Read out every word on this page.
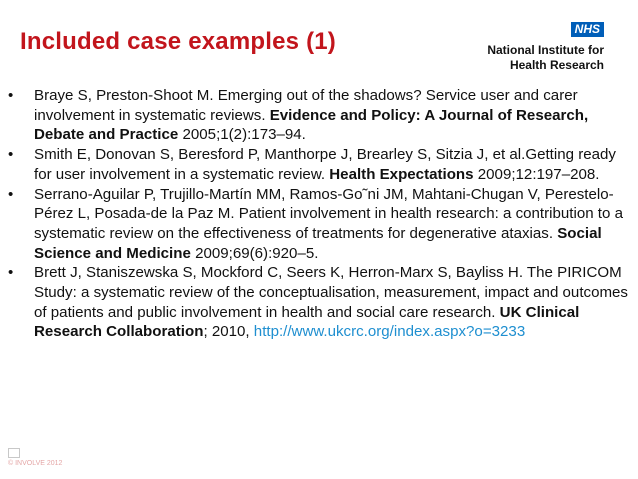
Included case examples (1)	NHS
National Institute for
Health Research
• Braye S, Preston-Shoot M. Emerging out of the shadows? Service user and carer involvement in systematic reviews. Evidence and Policy: A Journal of Research, Debate and Practice 2005;1(2):173–94.
• Smith E, Donovan S, Beresford P, Manthorpe J, Brearley S, Sitzia J, et al.Getting ready for user involvement in a systematic review. Health Expectations 2009;12:197–208.
• Serrano-Aguilar P, Trujillo-Martín MM, Ramos-Go˜ni JM, Mahtani-Chugan V, Perestelo-Pérez L, Posada-de la Paz M. Patient involvement in health research: a contribution to a systematic review on the effectiveness of treatments for degenerative ataxias. Social Science and Medicine 2009;69(6):920–5.
• Brett J, Staniszewska S, Mockford C, Seers K, Herron-Marx S, Bayliss H. The PIRICOM Study: a systematic review of the conceptualisation, measurement, impact and outcomes of patients and public involvement in health and social care research. UK Clinical Research Collaboration; 2010, http://www.ukcrc.org/index.aspx?o=3233
© INVOLVE 2012
